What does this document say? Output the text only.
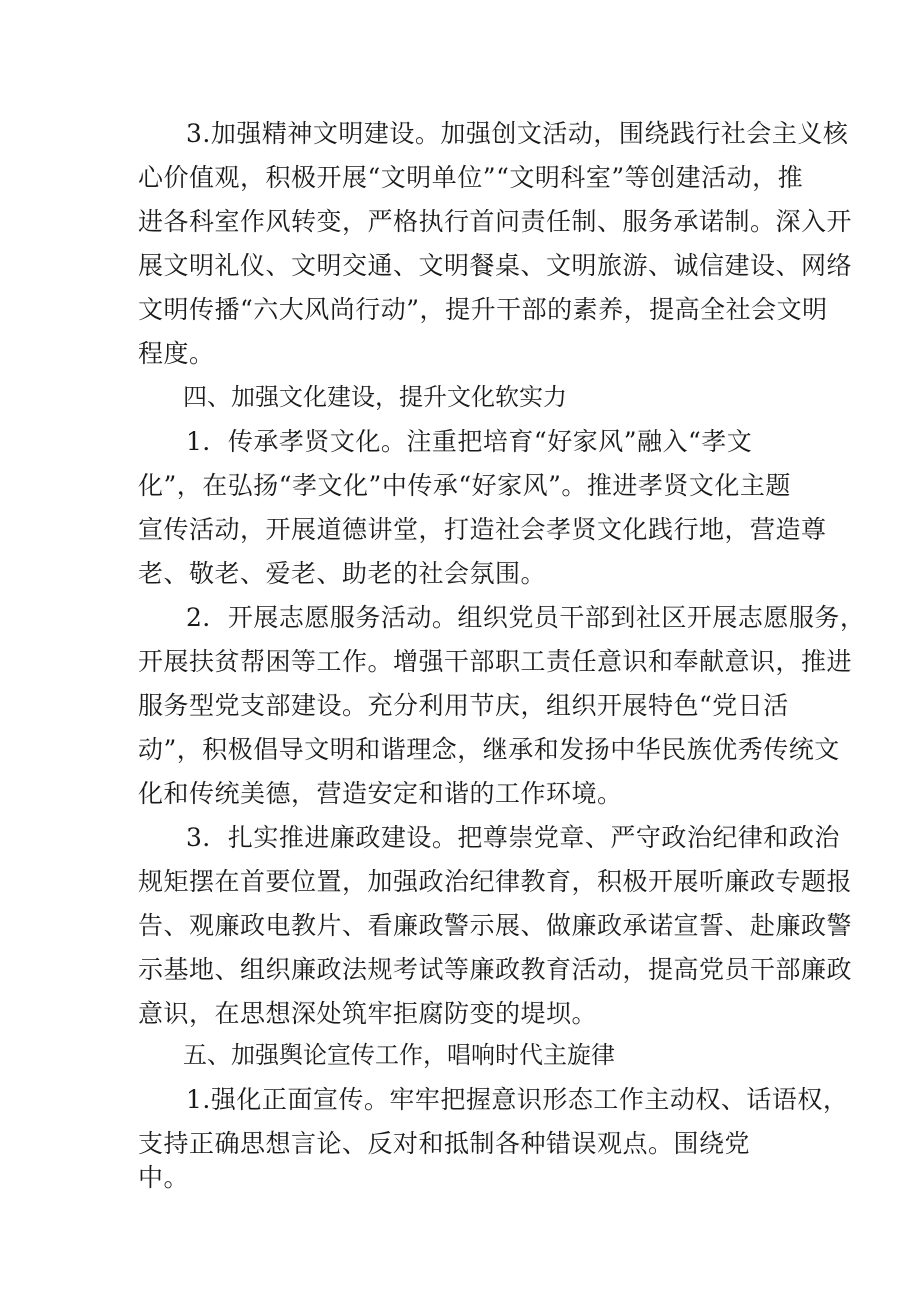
3.加强精神文明建设。加强创文活动，围绕践行社会主义核

心价值观，积极开展“文明单位”“文明科室”等创建活动，推

进各科室作风转变，严格执行首问责任制、服务承诺制。深入开

展文明礼仪、文明交通、文明餐桌、文明旅游、诚信建设、网络

文明传播“六大风尚行动”，提升干部的素养，提高全社会文明

程度。

四、加强文化建设，提升文化软实力

1．传承孝贤文化。注重把培育“好家风”融入“孝文

化”，在弘扬“孝文化”中传承“好家风”。推进孝贤文化主题

宣传活动，开展道德讲堂，打造社会孝贤文化践行地，营造尊

老、敬老、爱老、助老的社会氛围。

2．开展志愿服务活动。组织党员干部到社区开展志愿服务，

开展扶贫帮困等工作。增强干部职工责任意识和奉献意识，推进

服务型党支部建设。充分利用节庆，组织开展特色“党日活

动”，积极倡导文明和谐理念，继承和发扬中华民族优秀传统文

化和传统美德，营造安定和谐的工作环境。

3．扎实推进廉政建设。把尊崇党章、严守政治纪律和政治

规矩摆在首要位置，加强政治纪律教育，积极开展听廉政专题报

告、观廉政电教片、看廉政警示展、做廉政承诺宣誓、赴廉政警

示基地、组织廉政法规考试等廉政教育活动，提高党员干部廉政

意识，在思想深处筑牢拒腐防变的堤坝。

五、加强舆论宣传工作，唱响时代主旋律

1.强化正面宣传。牢牢把握意识形态工作主动权、话语权，

支持正确思想言论、反对和抵制各种错误观点。围绕党

中。
